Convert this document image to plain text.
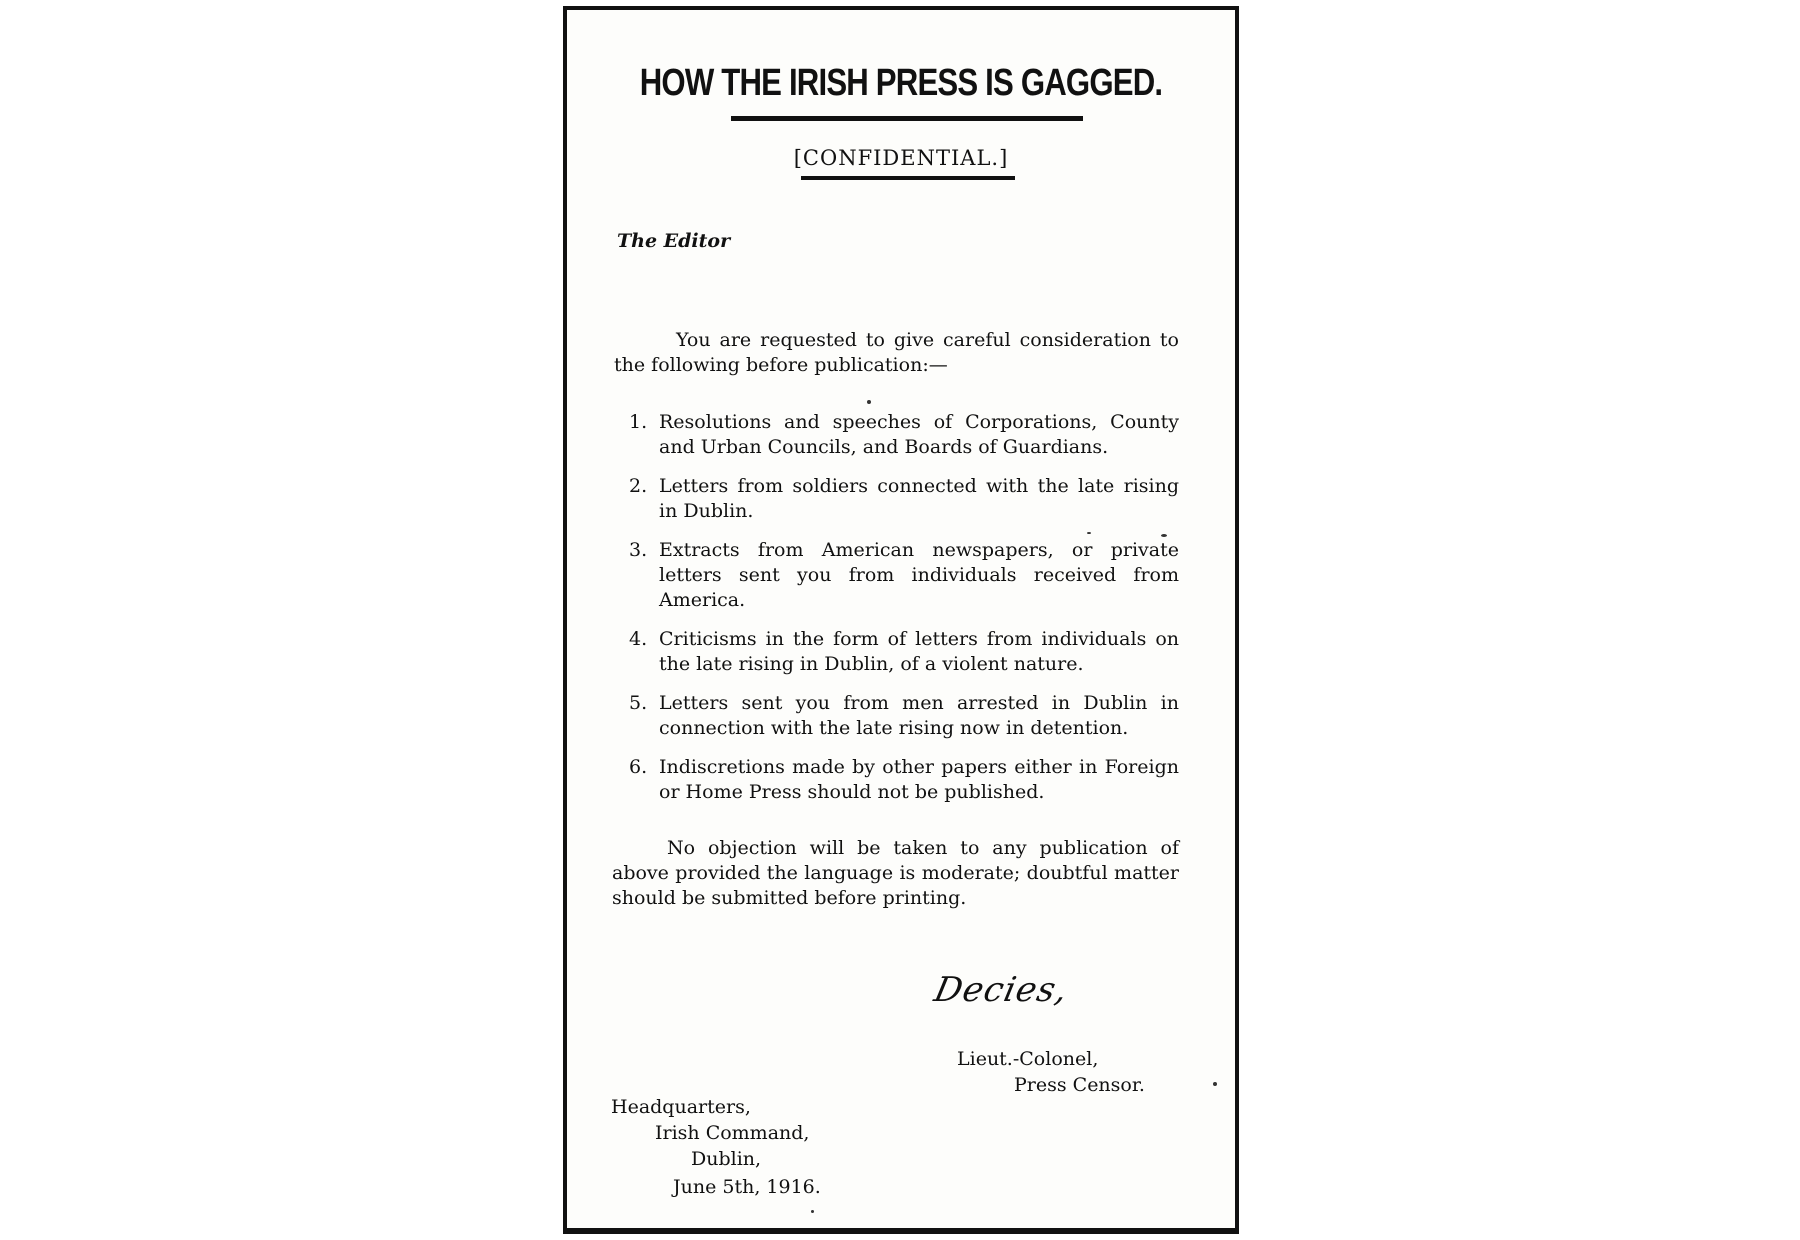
HOW THE IRISH PRESS IS GAGGED.
[CONFIDENTIAL.]
The Editor
You are requested to give careful consideration to the following before publication:—
1. Resolutions and speeches of Corporations, County and Urban Councils, and Boards of Guardians.
2. Letters from soldiers connected with the late rising in Dublin.
3. Extracts from American newspapers, or private letters sent you from individuals received from America.
4. Criticisms in the form of letters from individuals on the late rising in Dublin, of a violent nature.
5. Letters sent you from men arrested in Dublin in connection with the late rising now in detention.
6. Indiscretions made by other papers either in Foreign or Home Press should not be published.
No objection will be taken to any publication of above provided the language is moderate; doubtful matter should be submitted before printing.
Decies,
Lieut.-Colonel,
Press Censor.
Headquarters,
Irish Command,
Dublin,
June 5th, 1916.
